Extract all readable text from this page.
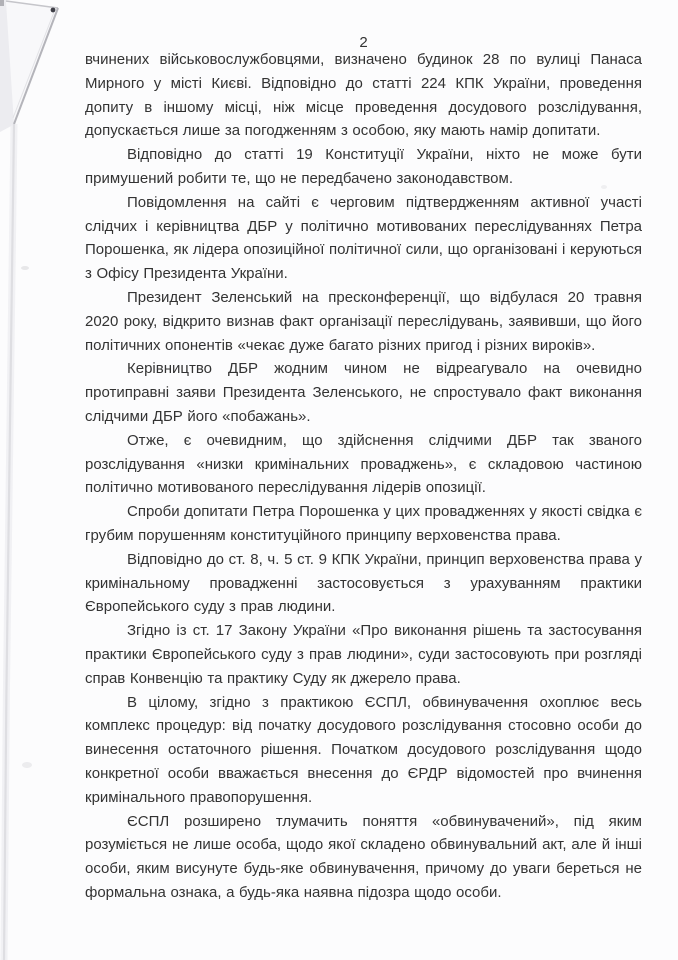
2

вчинених військовослужбовцями, визначено будинок 28 по вулиці Панаса Мирного у місті Києві. Відповідно до статті 224 КПК України, проведення допиту в іншому місці, ніж місце проведення досудового розслідування, допускається лише за погодженням з особою, яку мають намір допитати.

Відповідно до статті 19 Конституції України, ніхто не може бути примушений робити те, що не передбачено законодавством.

Повідомлення на сайті є черговим підтвердженням активної участі слідчих і керівництва ДБР у політично мотивованих переслідуваннях Петра Порошенка, як лідера опозиційної політичної сили, що організовані і керуються з Офісу Президента України.

Президент Зеленський на пресконференції, що відбулася 20 травня 2020 року, відкрито визнав факт організації переслідувань, заявивши, що його політичних опонентів «чекає дуже багато різних пригод і різних вироків».

Керівництво ДБР жодним чином не відреагувало на очевидно протиправні заяви Президента Зеленського, не спростувало факт виконання слідчими ДБР його «побажань».

Отже, є очевидним, що здійснення слідчими ДБР так званого розслідування «низки кримінальних проваджень», є складовою частиною політично мотивованого переслідування лідерів опозиції.

Спроби допитати Петра Порошенка у цих провадженнях у якості свідка є грубим порушенням конституційного принципу верховенства права.

Відповідно до ст. 8, ч. 5 ст. 9 КПК України, принцип верховенства права у кримінальному провадженні застосовується з урахуванням практики Європейського суду з прав людини.

Згідно із ст. 17 Закону України «Про виконання рішень та застосування практики Європейського суду з прав людини», суди застосовують при розгляді справ Конвенцію та практику Суду як джерело права.

В цілому, згідно з практикою ЄСПЛ, обвинувачення охоплює весь комплекс процедур: від початку досудового розслідування стосовно особи до винесення остаточного рішення. Початком досудового розслідування щодо конкретної особи вважається внесення до ЄРДР відомостей про вчинення кримінального правопорушення.

ЄСПЛ розширено тлумачить поняття «обвинувачений», під яким розуміється не лише особа, щодо якої складено обвинувальний акт, але й інші особи, яким висунуте будь-яке обвинувачення, причому до уваги береться не формальна ознака, а будь-яка наявна підозра щодо особи.
